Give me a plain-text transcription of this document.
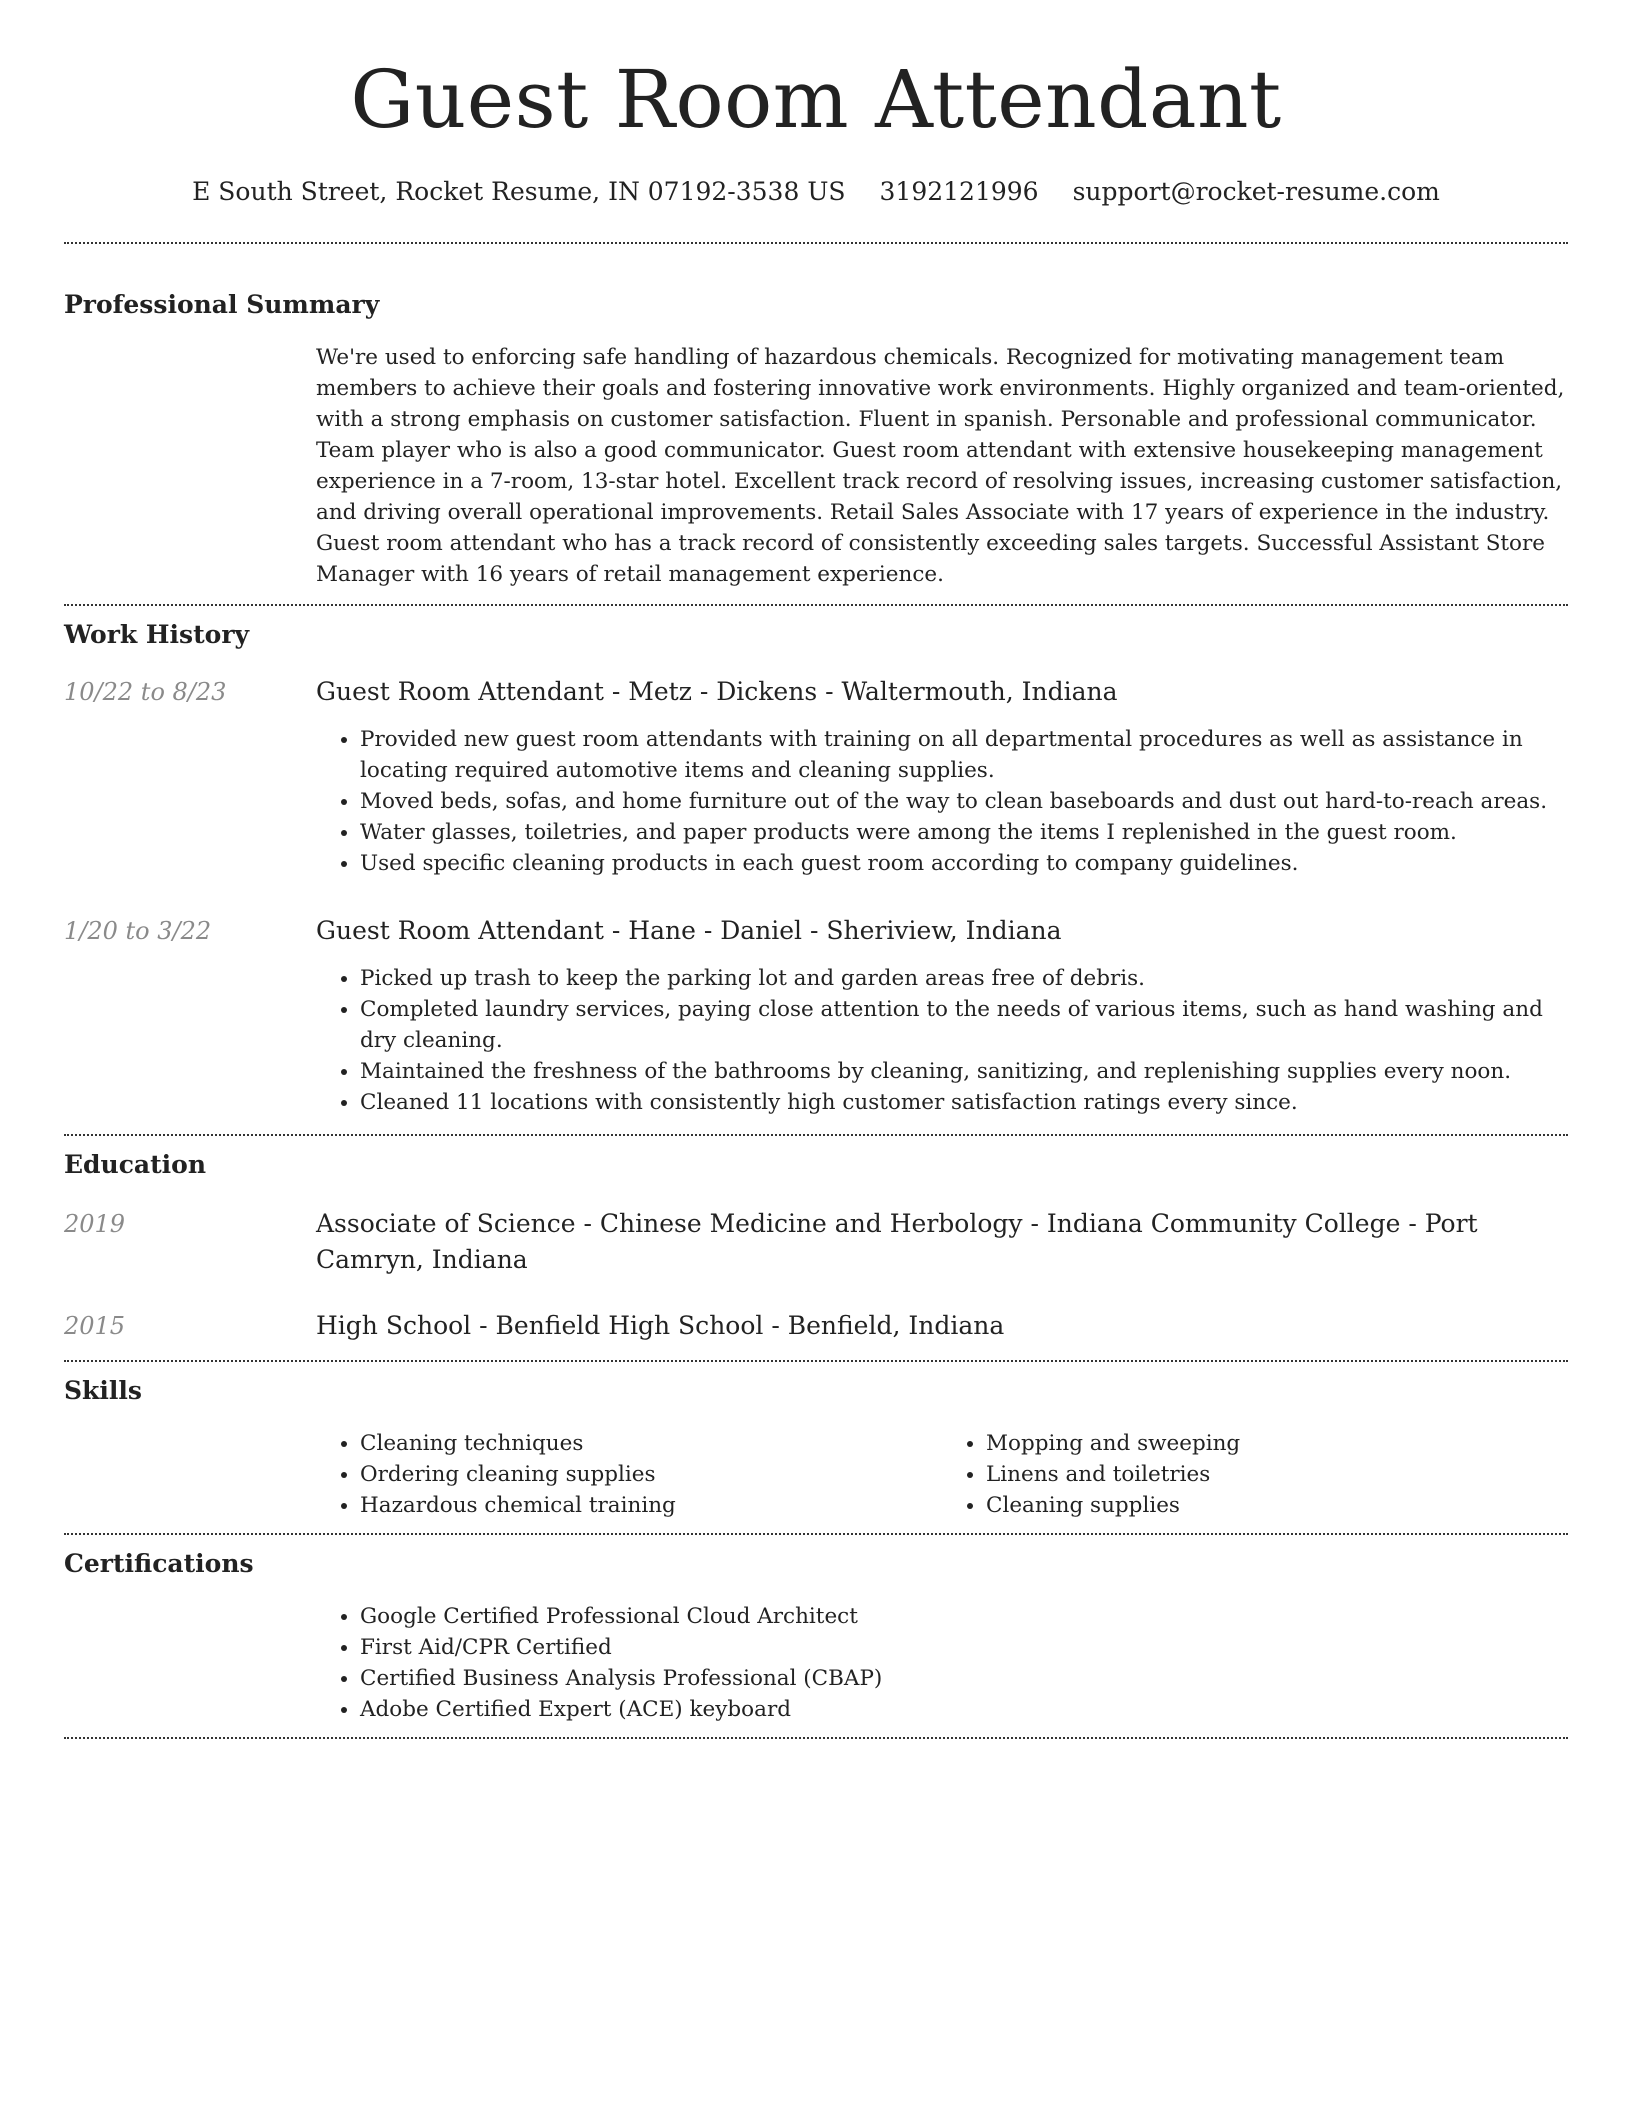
Guest Room Attendant
E South Street, Rocket Resume, IN 07192-3538 US 3192121996 support@rocket-resume.com
Professional Summary

We're used to enforcing safe handling of hazardous chemicals. Recognized for motivating management team members to achieve their goals and fostering innovative work environments. Highly organized and team-oriented, with a strong emphasis on customer satisfaction. Fluent in spanish. Personable and professional communicator. Team player who is also a good communicator. Guest room attendant with extensive housekeeping management experience in a 7-room, 13-star hotel. Excellent track record of resolving issues, increasing customer satisfaction, and driving overall operational improvements. Retail Sales Associate with 17 years of experience in the industry. Guest room attendant who has a track record of consistently exceeding sales targets. Successful Assistant Store Manager with 16 years of retail management experience.

Work History
10/22 to 8/23	Guest Room Attendant - Metz - Dickens - Waltermouth, Indiana
• Provided new guest room attendants with training on all departmental procedures as well as assistance in locating required automotive items and cleaning supplies.
• Moved beds, sofas, and home furniture out of the way to clean baseboards and dust out hard-to-reach areas.
• Water glasses, toiletries, and paper products were among the items I replenished in the guest room.
• Used specific cleaning products in each guest room according to company guidelines.
1/20 to 3/22	Guest Room Attendant - Hane - Daniel - Sheriview, Indiana
• Picked up trash to keep the parking lot and garden areas free of debris.
• Completed laundry services, paying close attention to the needs of various items, such as hand washing and dry cleaning.
• Maintained the freshness of the bathrooms by cleaning, sanitizing, and replenishing supplies every noon.
• Cleaned 11 locations with consistently high customer satisfaction ratings every since.
Education
2019	Associate of Science - Chinese Medicine and Herbology - Indiana Community College - Port Camryn, Indiana
2015	High School - Benfield High School - Benfield, Indiana
Skills
• Cleaning techniques
• Ordering cleaning supplies
• Hazardous chemical training
• Mopping and sweeping
• Linens and toiletries
• Cleaning supplies
Certifications
• Google Certified Professional Cloud Architect
• First Aid/CPR Certified
• Certified Business Analysis Professional (CBAP)
• Adobe Certified Expert (ACE) keyboard
